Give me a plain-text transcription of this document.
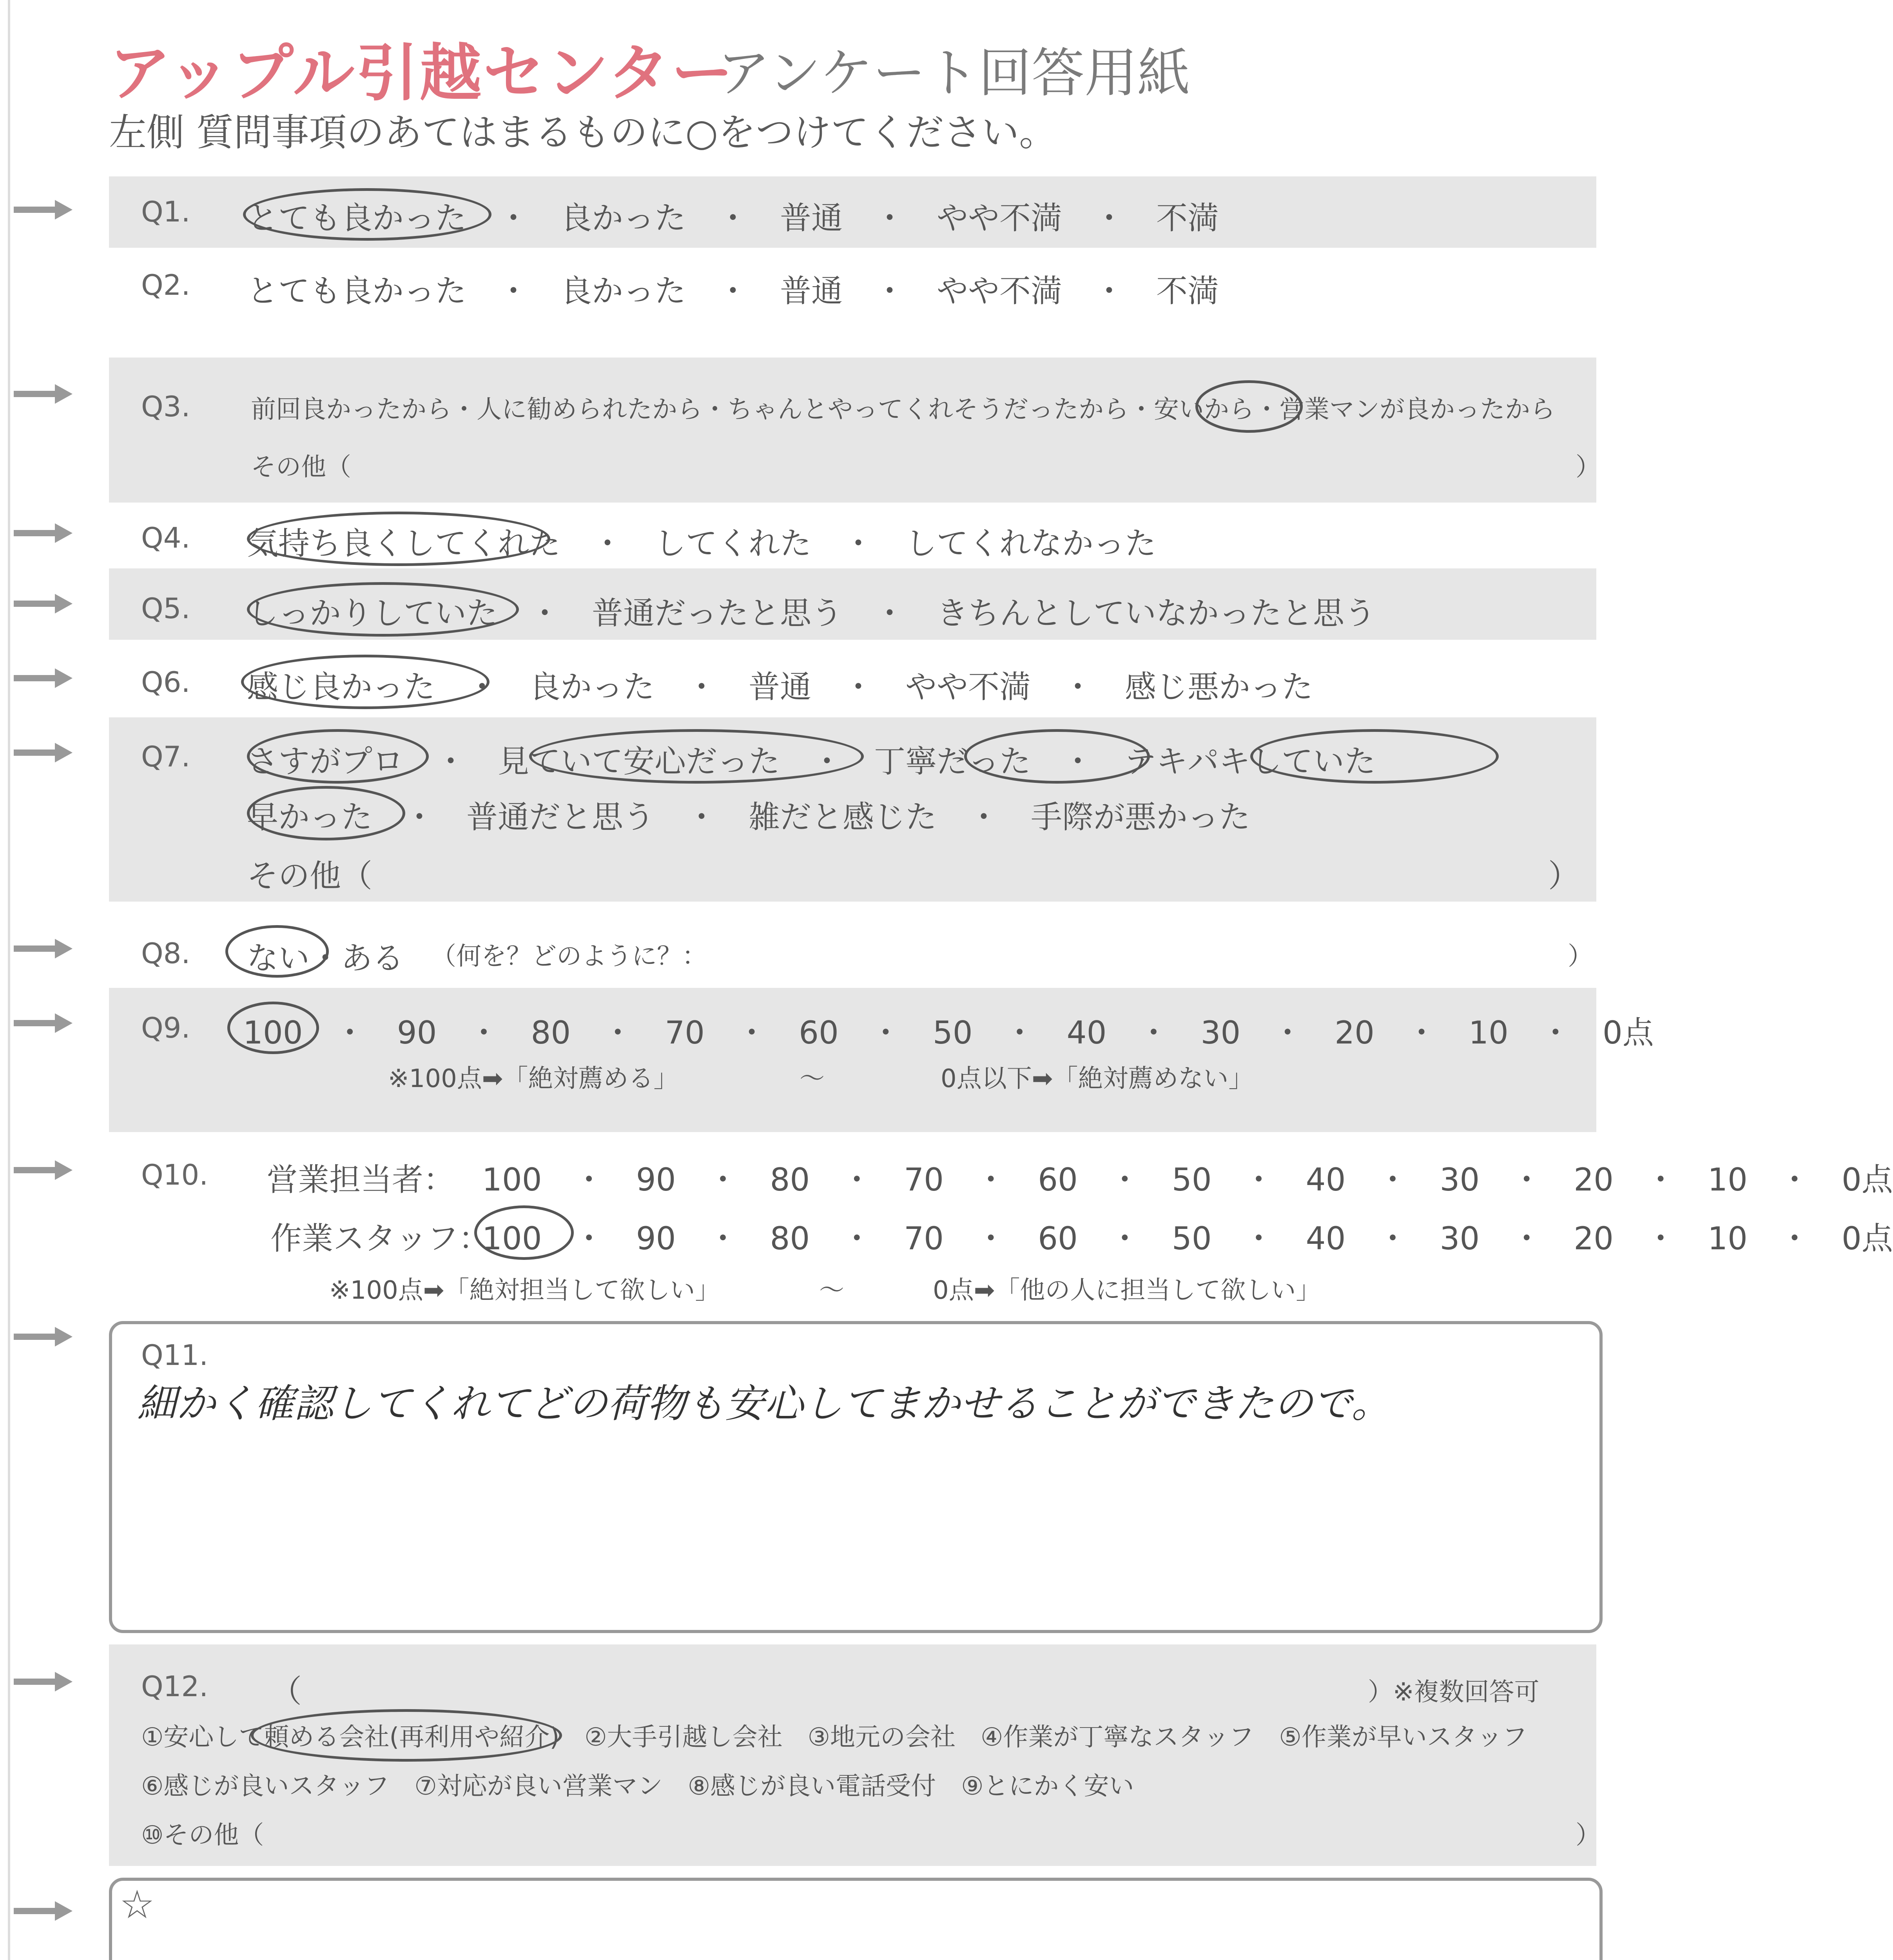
アップル引越センター
アンケート回答用紙
左側 質問事項のあてはまるものに○をつけてください。
Q1. とても良かった　・　良かった　・　普通　・　やや不満　・　不満
Q2. とても良かった　・　良かった　・　普通　・　やや不満　・　不満
Q3. 前回良かったから・人に勧められたから・ちゃんとやってくれそうだったから・安いから・営業マンが良かったから
その他（	）
Q4. 気持ち良くしてくれた　・　してくれた　・　してくれなかった
Q5. しっかりしていた　・　普通だったと思う　・　きちんとしていなかったと思う
Q6. 感じ良かった　・　良かった　・　普通　・　やや不満　・　感じ悪かった
Q7. さすがプロ　・　見ていて安心だった　・　丁寧だった　・　テキパキしていた
早かった　・　普通だと思う　・　雑だと感じた　・　手際が悪かった
その他（	）
Q8. ない・ある （何を？どのように？：	）
Q9. 100　・　90　・　80　・　70　・　60　・　50　・　40　・　30　・　20　・　10　・　0点
※100点➡「絶対薦める」	〜	0点以下➡「絶対薦めない」
Q10. 営業担当者： 100　・　90　・　80　・　70　・　60　・　50　・　40　・　30　・　20　・　10　・　0点
作業スタッフ：
100　・　90　・　80　・　70　・　60　・　50　・　40　・　30　・　20　・　10　・　0点
※100点➡「絶対担当して欲しい」	〜	0点➡「他の人に担当して欲しい」
Q11.
細かく確認してくれてどの荷物も安心してまかせることができたので。
Q12. （	）※複数回答可
①安心して頼める会社(再利用や紹介)　②大手引越し会社　③地元の会社　④作業が丁寧なスタッフ　⑤作業が早いスタッフ
⑥感じが良いスタッフ　⑦対応が良い営業マン　⑧感じが良い電話受付　⑨とにかく安い
⑩その他（	）
☆
